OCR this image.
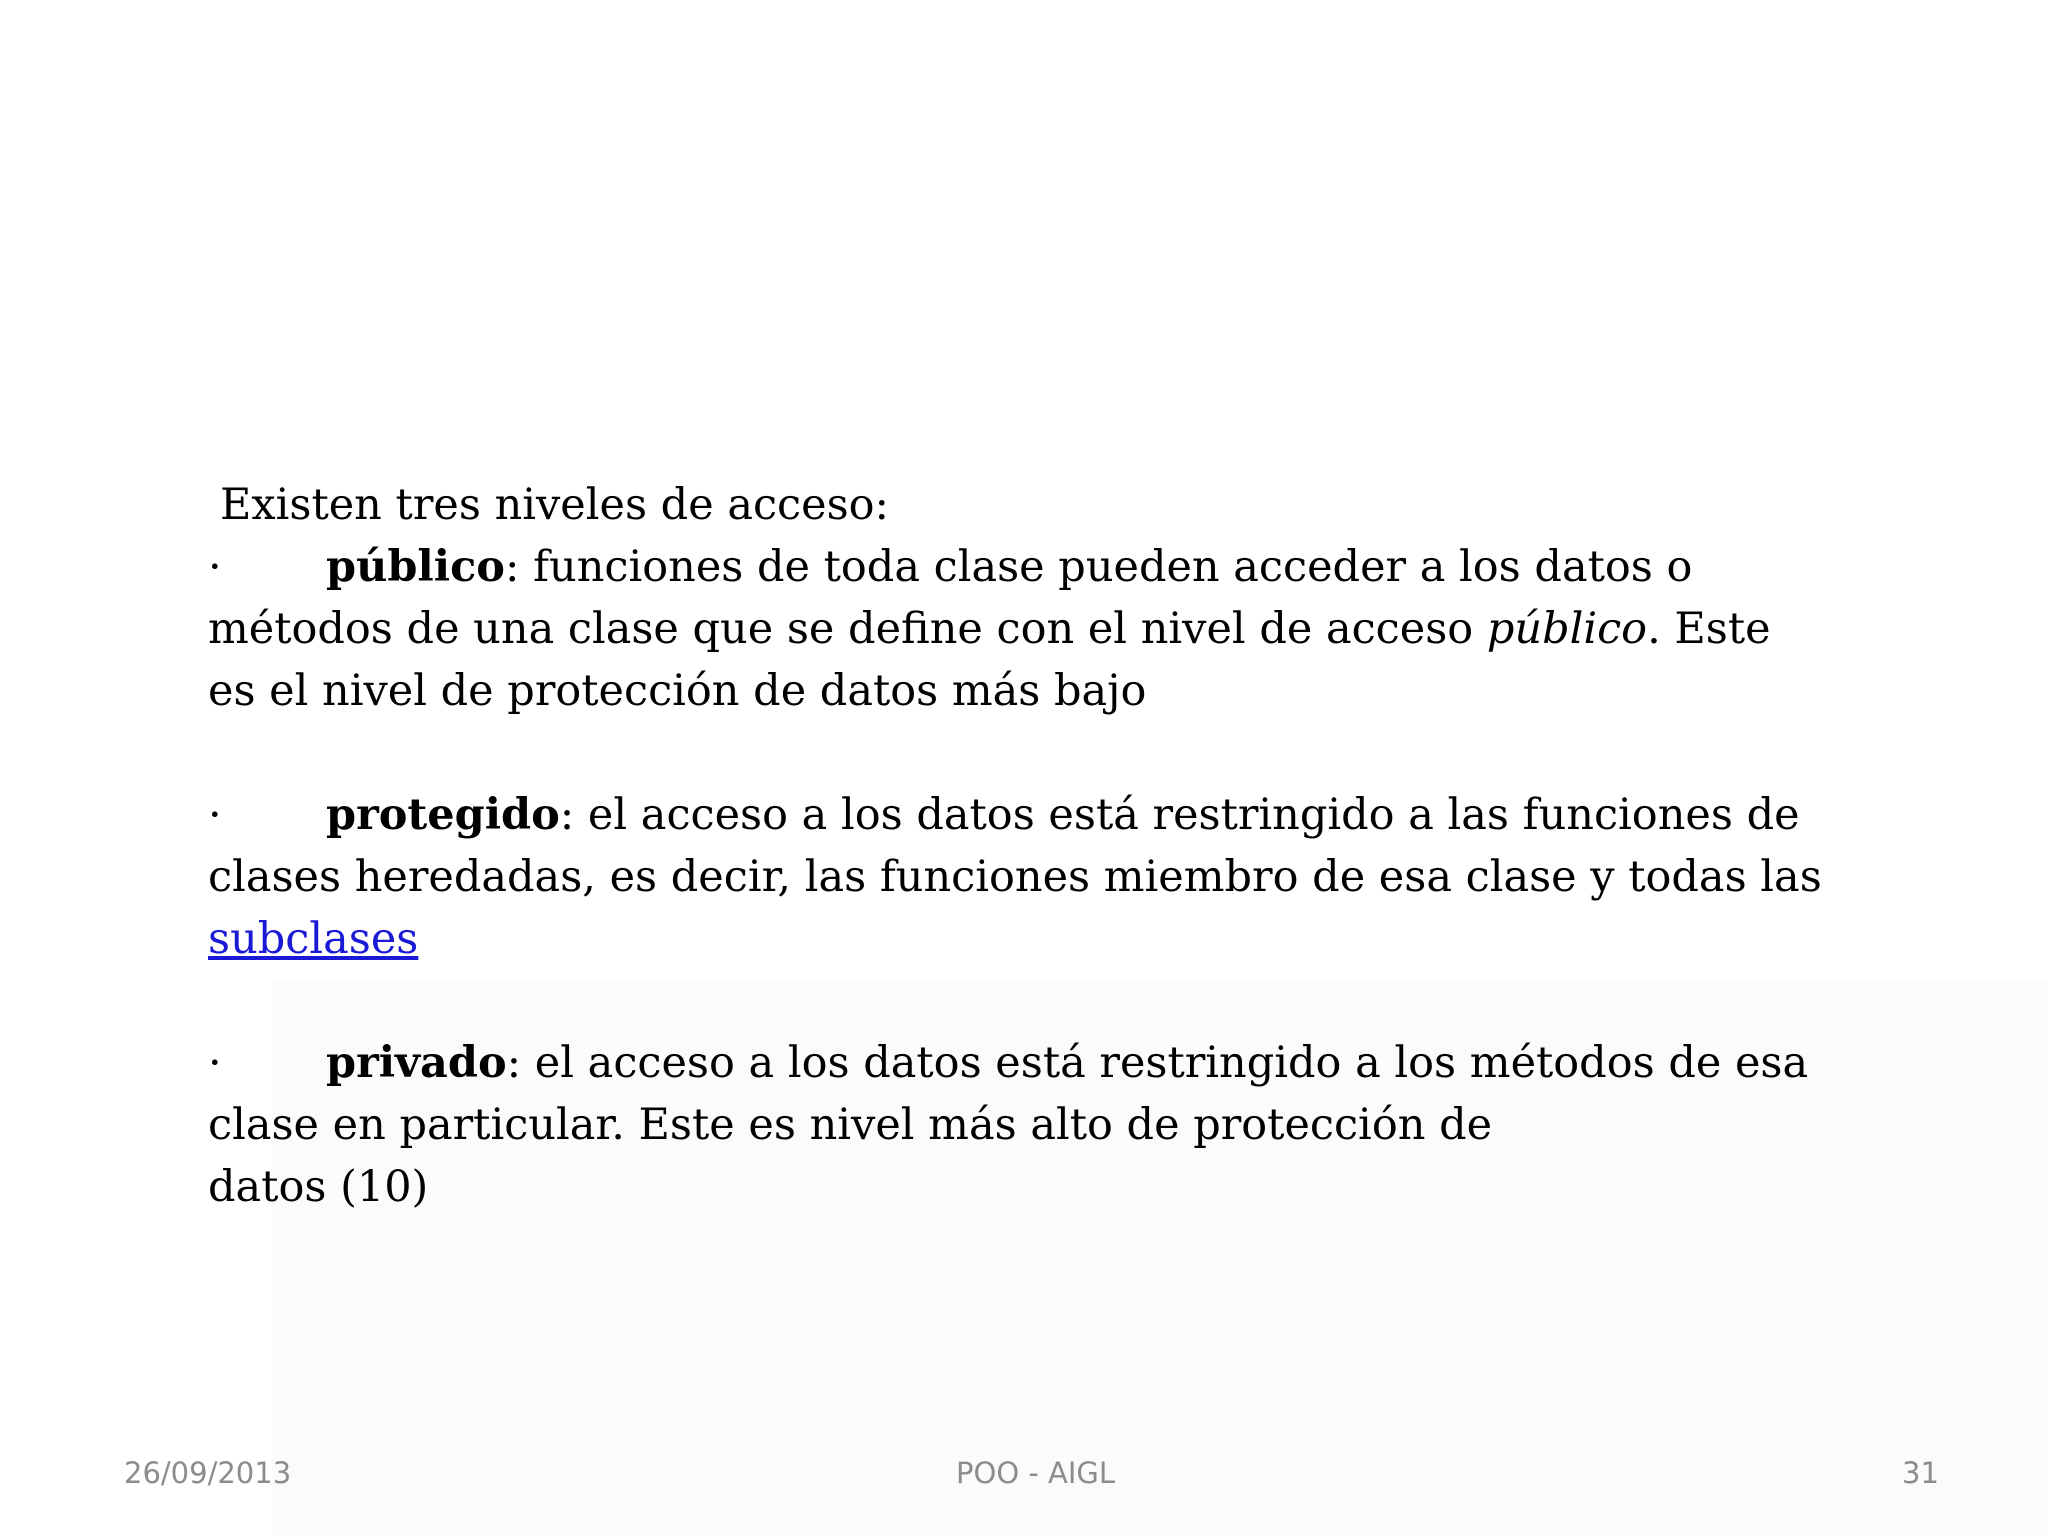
Existen tres niveles de acceso:
· público: funciones de toda clase pueden acceder a los datos o métodos de una clase que se define con el nivel de acceso público. Este es el nivel de protección de datos más bajo
· protegido: el acceso a los datos está restringido a las funciones de clases heredadas, es decir, las funciones miembro de esa clase y todas las subclases
· privado: el acceso a los datos está restringido a los métodos de esa clase en particular. Este es nivel más alto de protección de
datos (10)
26/09/2013	POO - AIGL	31
